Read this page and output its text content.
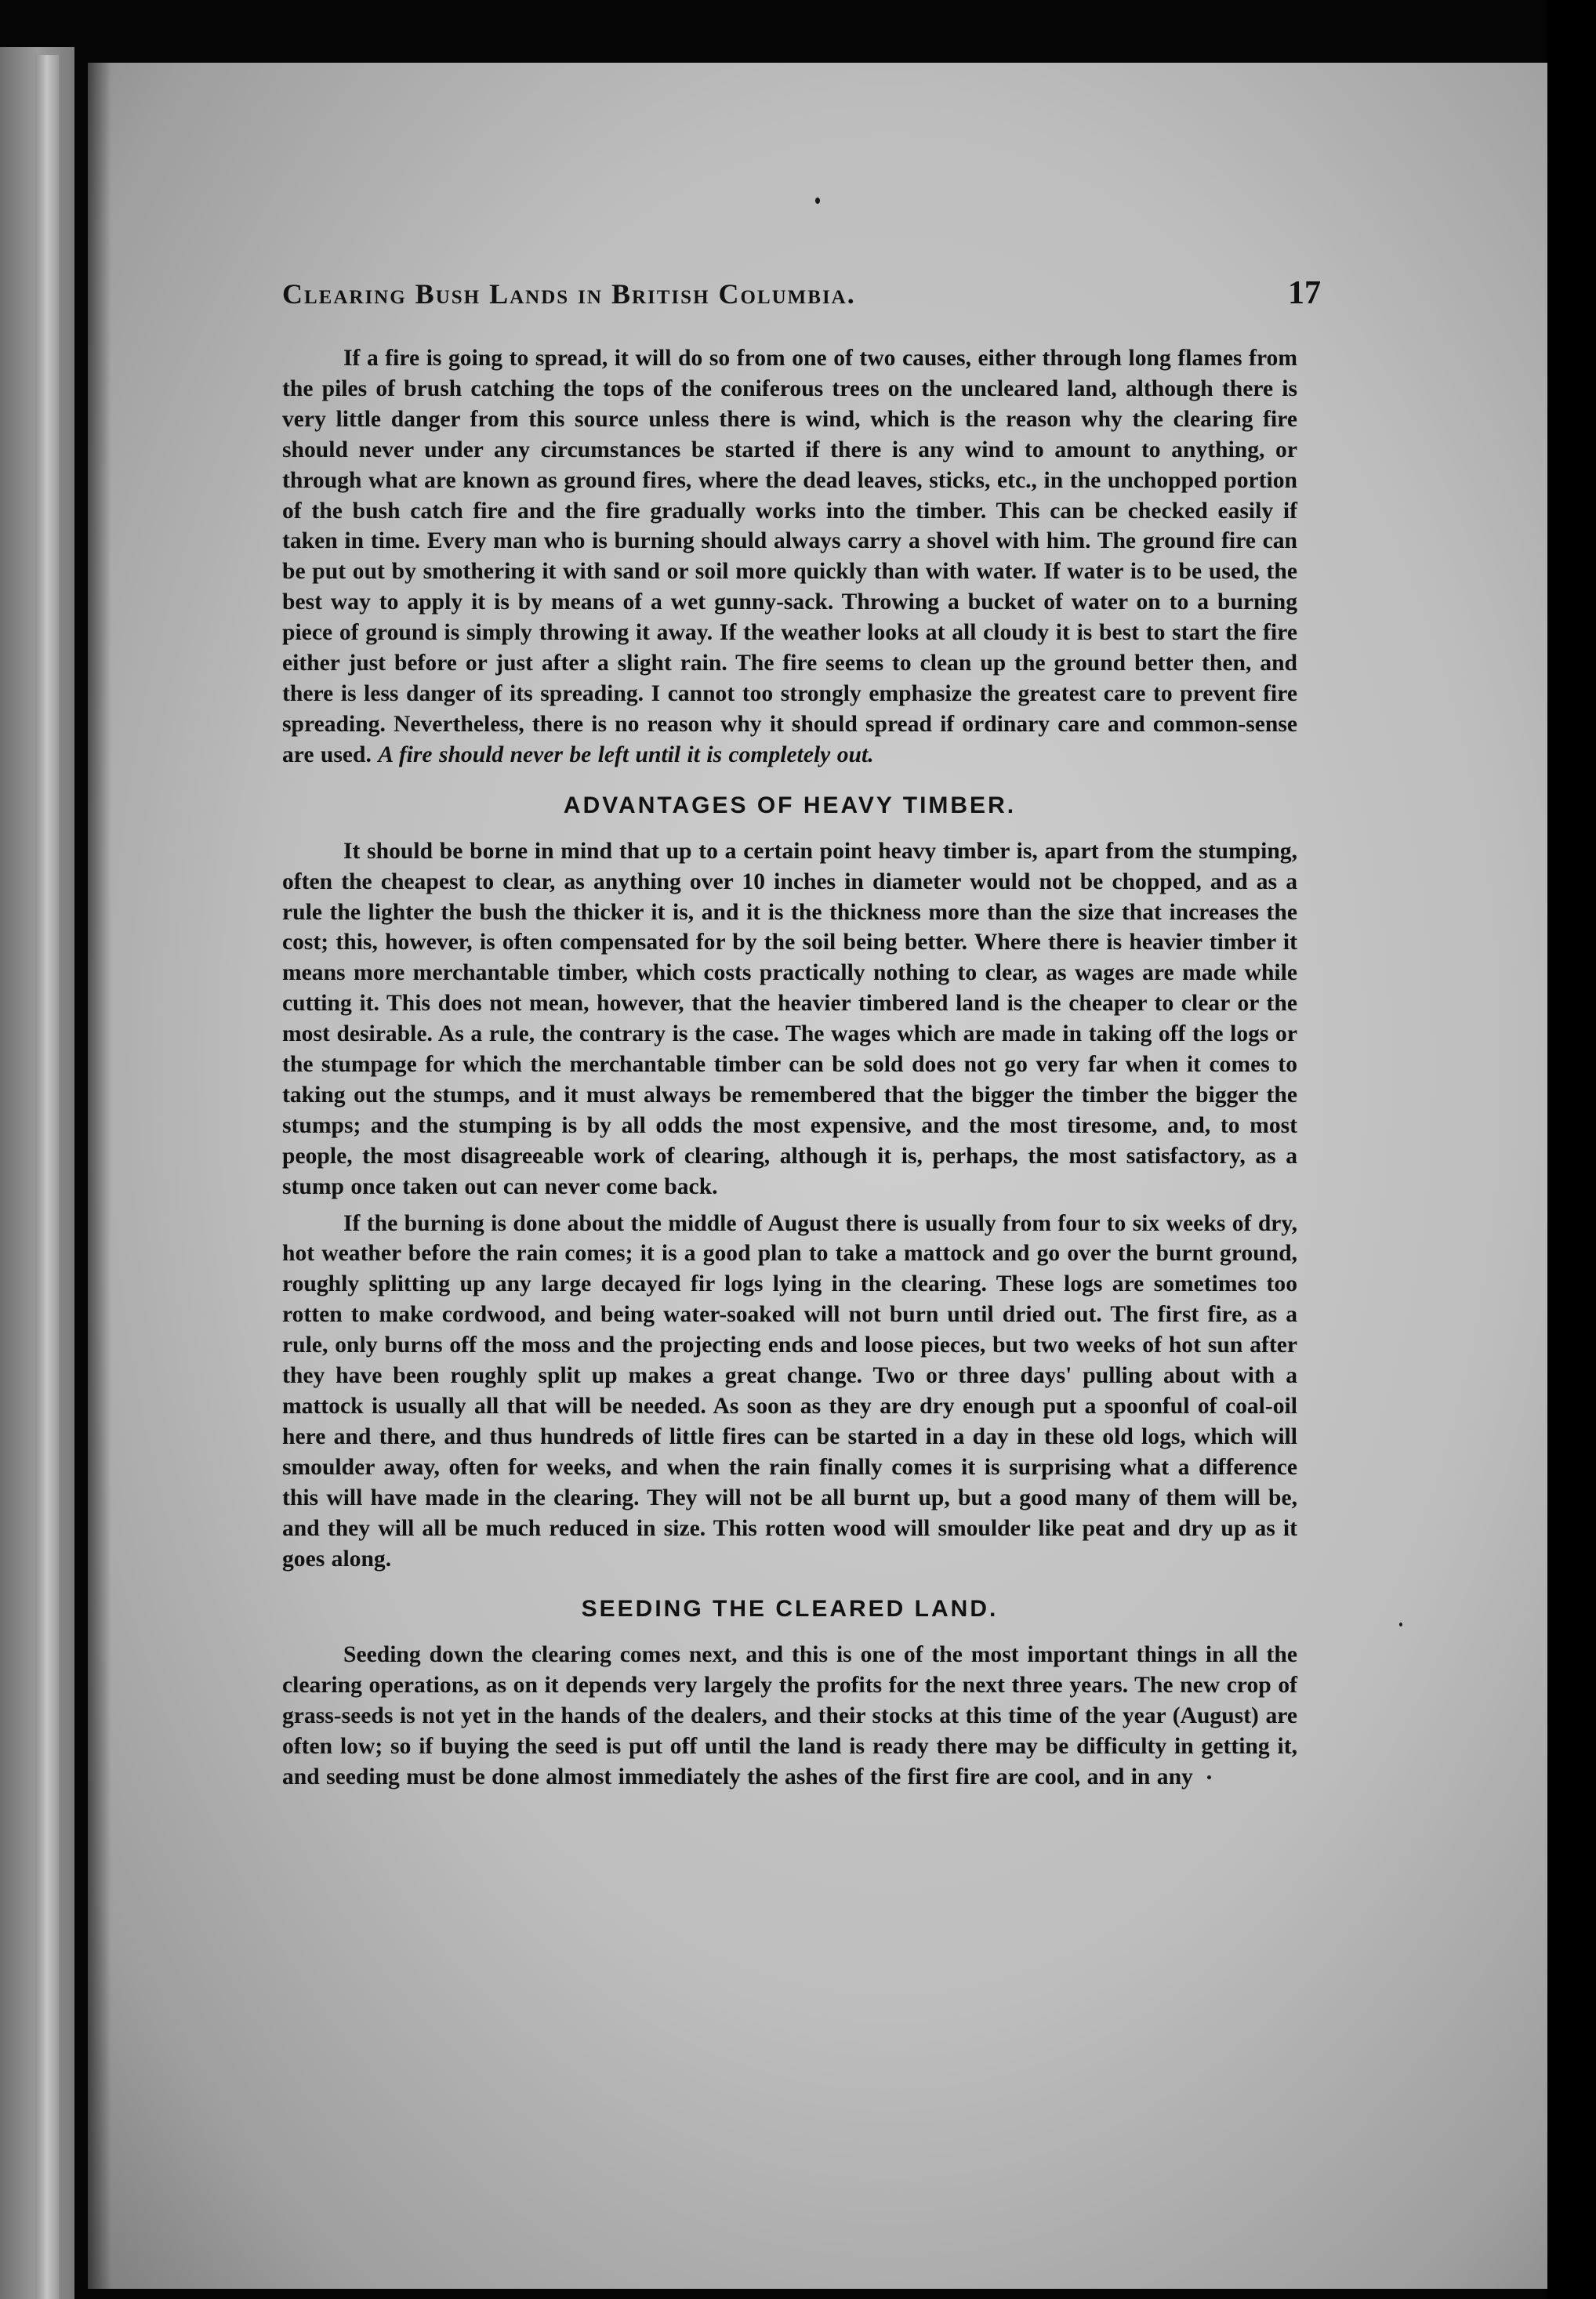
Clearing Bush Lands in British Columbia.	17

If a fire is going to spread, it will do so from one of two causes, either through long flames from the piles of brush catching the tops of the coniferous trees on the uncleared land, although there is very little danger from this source unless there is wind, which is the reason why the clearing fire should never under any circumstances be started if there is any wind to amount to anything, or through what are known as ground fires, where the dead leaves, sticks, etc., in the unchopped portion of the bush catch fire and the fire gradually works into the timber. This can be checked easily if taken in time. Every man who is burning should always carry a shovel with him. The ground fire can be put out by smothering it with sand or soil more quickly than with water. If water is to be used, the best way to apply it is by means of a wet gunny-sack. Throwing a bucket of water on to a burning piece of ground is simply throwing it away. If the weather looks at all cloudy it is best to start the fire either just before or just after a slight rain. The fire seems to clean up the ground better then, and there is less danger of its spreading. I cannot too strongly emphasize the greatest care to prevent fire spreading. Nevertheless, there is no reason why it should spread if ordinary care and common-sense are used. A fire should never be left until it is completely out.

ADVANTAGES OF HEAVY TIMBER.

It should be borne in mind that up to a certain point heavy timber is, apart from the stumping, often the cheapest to clear, as anything over 10 inches in diameter would not be chopped, and as a rule the lighter the bush the thicker it is, and it is the thickness more than the size that increases the cost; this, however, is often compensated for by the soil being better. Where there is heavier timber it means more merchantable timber, which costs practically nothing to clear, as wages are made while cutting it. This does not mean, however, that the heavier timbered land is the cheaper to clear or the most desirable. As a rule, the contrary is the case. The wages which are made in taking off the logs or the stumpage for which the merchantable timber can be sold does not go very far when it comes to taking out the stumps, and it must always be remembered that the bigger the timber the bigger the stumps; and the stumping is by all odds the most expensive, and the most tiresome, and, to most people, the most disagreeable work of clearing, although it is, perhaps, the most satisfactory, as a stump once taken out can never come back.

If the burning is done about the middle of August there is usually from four to six weeks of dry, hot weather before the rain comes; it is a good plan to take a mattock and go over the burnt ground, roughly splitting up any large decayed fir logs lying in the clearing. These logs are sometimes too rotten to make cordwood, and being water-soaked will not burn until dried out. The first fire, as a rule, only burns off the moss and the projecting ends and loose pieces, but two weeks of hot sun after they have been roughly split up makes a great change. Two or three days' pulling about with a mattock is usually all that will be needed. As soon as they are dry enough put a spoonful of coal-oil here and there, and thus hundreds of little fires can be started in a day in these old logs, which will smoulder away, often for weeks, and when the rain finally comes it is surprising what a difference this will have made in the clearing. They will not be all burnt up, but a good many of them will be, and they will all be much reduced in size. This rotten wood will smoulder like peat and dry up as it goes along.

SEEDING THE CLEARED LAND.

Seeding down the clearing comes next, and this is one of the most important things in all the clearing operations, as on it depends very largely the profits for the next three years. The new crop of grass-seeds is not yet in the hands of the dealers, and their stocks at this time of the year (August) are often low; so if buying the seed is put off until the land is ready there may be difficulty in getting it, and seeding must be done almost immediately the ashes of the first fire are cool, and in any
